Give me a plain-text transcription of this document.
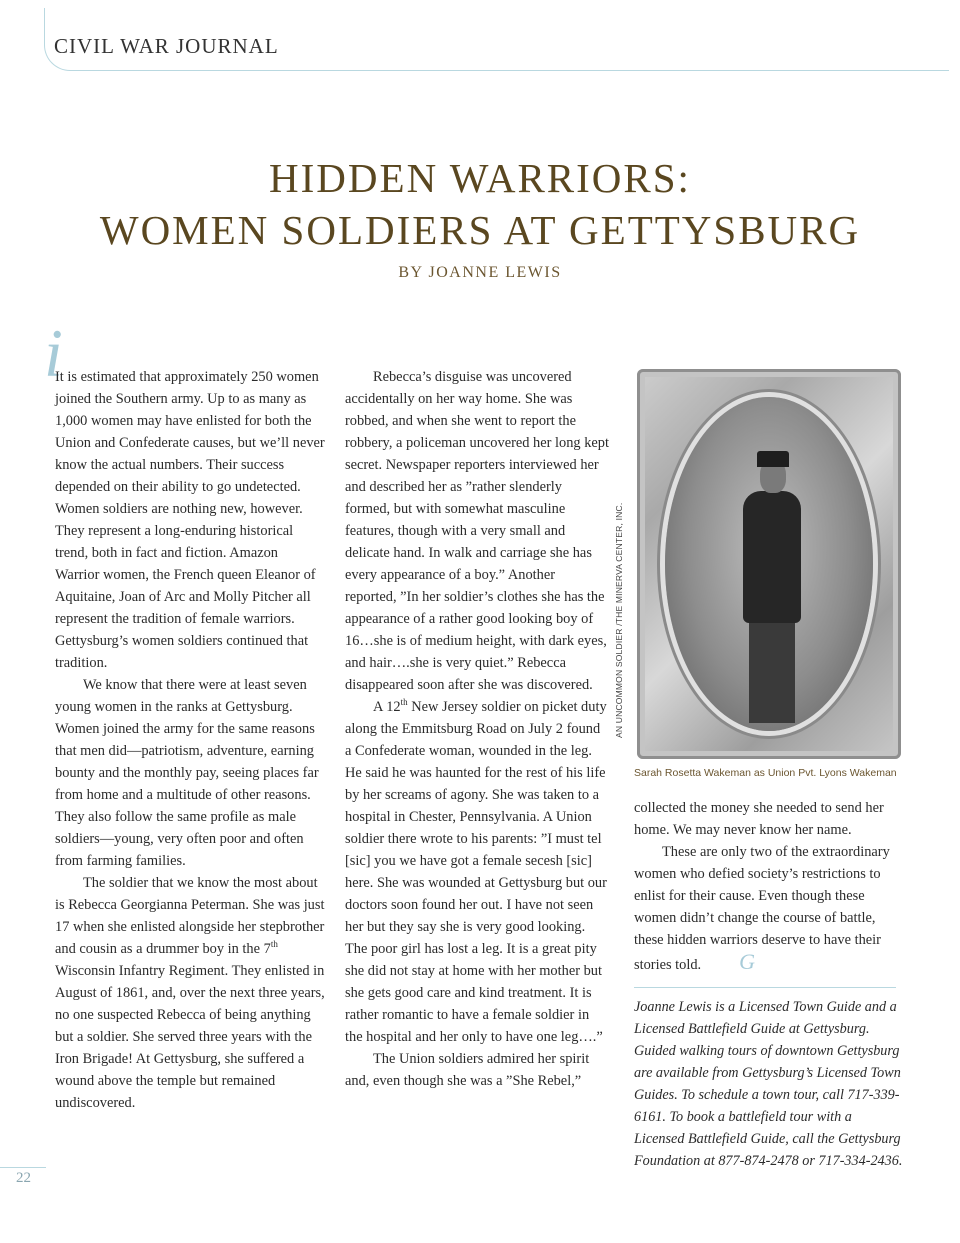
CIVIL WAR JOURNAL
HIDDEN WARRIORS:
WOMEN SOLDIERS AT GETTYSBURG
BY JOANNE LEWIS
i

It is estimated that approximately 250 women joined the Southern army. Up to as many as 1,000 women may have enlisted for both the Union and Confederate causes, but we’ll never know the actual numbers. Their success depended on their ability to go undetected. Women soldiers are nothing new, however. They represent a long-enduring historical trend, both in fact and fiction. Amazon Warrior women, the French queen Eleanor of Aquitaine, Joan of Arc and Molly Pitcher all represent the tradition of female warriors. Gettysburg’s women soldiers continued that tradition.

We know that there were at least seven young women in the ranks at Gettysburg. Women joined the army for the same reasons that men did—patriotism, adventure, earning bounty and the monthly pay, seeing places far from home and a multitude of other reasons. They also follow the same profile as male soldiers—young, very often poor and often from farming families.

The soldier that we know the most about is Rebecca Georgianna Peterman. She was just 17 when she enlisted alongside her stepbrother and cousin as a drummer boy in the 7th Wisconsin Infantry Regiment. They enlisted in August of 1861, and, over the next three years, no one suspected Rebecca of being anything but a soldier. She served three years with the Iron Brigade! At Gettysburg, she suffered a wound above the temple but remained undiscovered.

Rebecca’s disguise was uncovered accidentally on her way home. She was robbed, and when she went to report the robbery, a policeman uncovered her long kept secret. Newspaper reporters interviewed her and described her as ”rather slenderly formed, but with somewhat masculine features, though with a very small and delicate hand. In walk and carriage she has every appearance of a boy.” Another reported, ”In her soldier’s clothes she has the appearance of a rather good looking boy of 16…she is of medium height, with dark eyes, and hair….she is very quiet.” Rebecca disappeared soon after she was discovered.

A 12th New Jersey soldier on picket duty along the Emmitsburg Road on July 2 found a Confederate woman, wounded in the leg. He said he was haunted for the rest of his life by her screams of agony. She was taken to a hospital in Chester, Pennsylvania. A Union soldier there wrote to his parents: ”I must tel [sic] you we have got a female secesh [sic] here. She was wounded at Gettysburg but our doctors soon found her out. I have not seen her but they say she is very good looking. The poor girl has lost a leg. It is a great pity she did not stay at home with her mother but she gets good care and kind treatment. It is rather romantic to have a female soldier in the hospital and her only to have one leg….”

The Union soldiers admired her spirit and, even though she was a ”She Rebel,”

AN UNCOMMON SOLDIER /THE MINERVA CENTER, INC.
Sarah Rosetta Wakeman as Union Pvt. Lyons Wakeman

collected the money she needed to send her home. We may never know her name.

These are only two of the extraordinary women who defied society’s restrictions to enlist for their cause. Even though these women didn’t change the course of battle, these hidden warriors deserve to have their stories told. G

Joanne Lewis is a Licensed Town Guide and a Licensed Battlefield Guide at Gettysburg. Guided walking tours of downtown Gettysburg are available from Gettysburg’s Licensed Town Guides. To schedule a town tour, call 717-339-6161. To book a battlefield tour with a Licensed Battlefield Guide, call the Gettysburg Foundation at 877-874-2478 or 717-334-2436.

22
